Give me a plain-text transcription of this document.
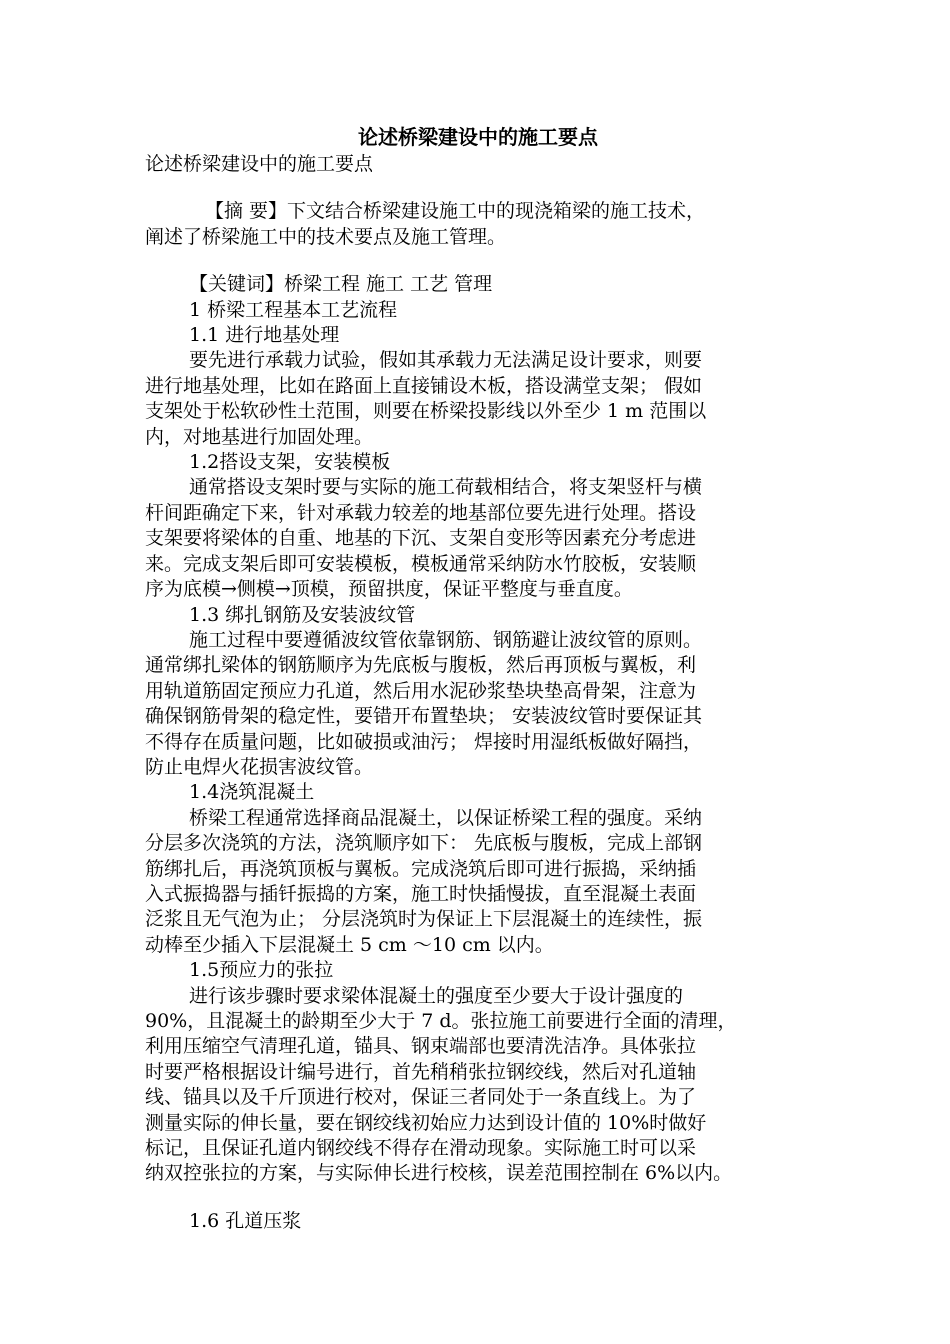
论述桥梁建设中的施工要点

论述桥梁建设中的施工要点

【摘 要】下文结合桥梁建设施工中的现浇箱梁的施工技术，

阐述了桥梁施工中的技术要点及施工管理。

【关键词】桥梁工程 施工 工艺 管理

1 桥梁工程基本工艺流程

1.1 进行地基处理

要先进行承载力试验，假如其承载力无法满足设计要求，则要

进行地基处理，比如在路面上直接铺设木板，搭设满堂支架； 假如

支架处于松软砂性土范围，则要在桥梁投影线以外至少 1 m 范围以

内，对地基进行加固处理。

1.2搭设支架，安装模板

通常搭设支架时要与实际的施工荷载相结合，将支架竖杆与横

杆间距确定下来，针对承载力较差的地基部位要先进行处理。搭设

支架要将梁体的自重、地基的下沉、支架自变形等因素充分考虑进

来。完成支架后即可安装模板，模板通常采纳防水竹胶板，安装顺

序为底模→侧模→顶模，预留拱度，保证平整度与垂直度。

1.3 绑扎钢筋及安装波纹管

施工过程中要遵循波纹管依靠钢筋、钢筋避让波纹管的原则。

通常绑扎梁体的钢筋顺序为先底板与腹板，然后再顶板与翼板，利

用轨道筋固定预应力孔道，然后用水泥砂浆垫块垫高骨架，注意为

确保钢筋骨架的稳定性，要错开布置垫块； 安装波纹管时要保证其

不得存在质量问题，比如破损或油污； 焊接时用湿纸板做好隔挡，

防止电焊火花损害波纹管。

1.4浇筑混凝土

桥梁工程通常选择商品混凝土，以保证桥梁工程的强度。采纳

分层多次浇筑的方法，浇筑顺序如下： 先底板与腹板，完成上部钢

筋绑扎后，再浇筑顶板与翼板。完成浇筑后即可进行振捣，采纳插

入式振捣器与插钎振捣的方案，施工时快插慢拔，直至混凝土表面

泛浆且无气泡为止； 分层浇筑时为保证上下层混凝土的连续性，振

动棒至少插入下层混凝土 5 cm ～10 cm 以内。

1.5预应力的张拉

进行该步骤时要求梁体混凝土的强度至少要大于设计强度的

90%，且混凝土的龄期至少大于 7 d。张拉施工前要进行全面的清理，

利用压缩空气清理孔道，锚具、钢束端部也要清洗洁净。具体张拉

时要严格根据设计编号进行，首先稍稍张拉钢绞线，然后对孔道轴

线、锚具以及千斤顶进行校对，保证三者同处于一条直线上。为了

测量实际的伸长量，要在钢绞线初始应力达到设计值的 10%时做好

标记，且保证孔道内钢绞线不得存在滑动现象。实际施工时可以采

纳双控张拉的方案，与实际伸长进行校核，误差范围控制在 6%以内。

1.6 孔道压浆
